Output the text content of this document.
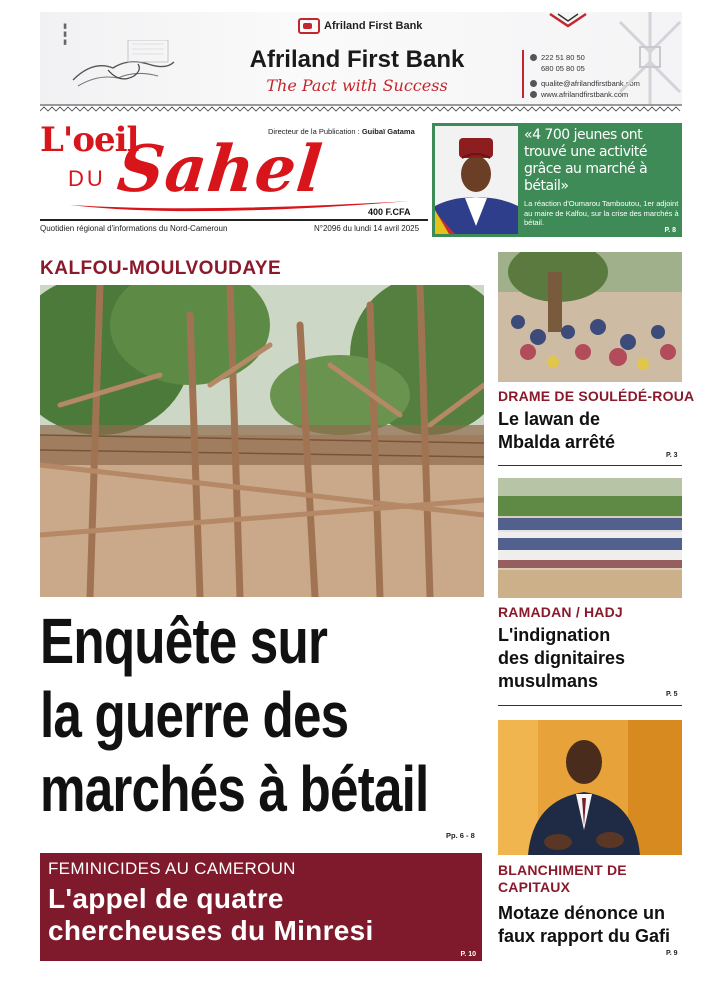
▮▮▮	Afriland First Bank
Afriland First Bank
The Pact with Success
222 51 80 50
680 05 80 05
qualite@afrilandfirstbank.com
www.afrilandfirstbank.com
L'oeil
DU Sahel
Directeur de la Publication : Guibaï Gatama
400 F.CFA
Quotidien régional d'informations du Nord-Cameroun	N°2096 du lundi 14 avril 2025
«4 700 jeunes ont trouvé une activité grâce au marché à bétail»
La réaction d'Oumarou Tamboutou, 1er adjoint au maire de Kalfou, sur la crise des marchés à bétail.
P. 8
KALFOU-MOULVOUDAYE
Enquête sur
la guerre des
marchés à bétail
Pp. 6 - 8
FEMINICIDES AU CAMEROUN
L'appel de quatre
chercheuses du Minresi
P. 10
DRAME DE SOULÉDÉ-ROUA
Le lawan de
Mbalda arrêté
P. 3
RAMADAN / HADJ
L'indignation
des dignitaires
musulmans
P. 5
BLANCHIMENT DE
CAPITAUX
Motaze dénonce un
faux rapport du Gafi
P. 9
